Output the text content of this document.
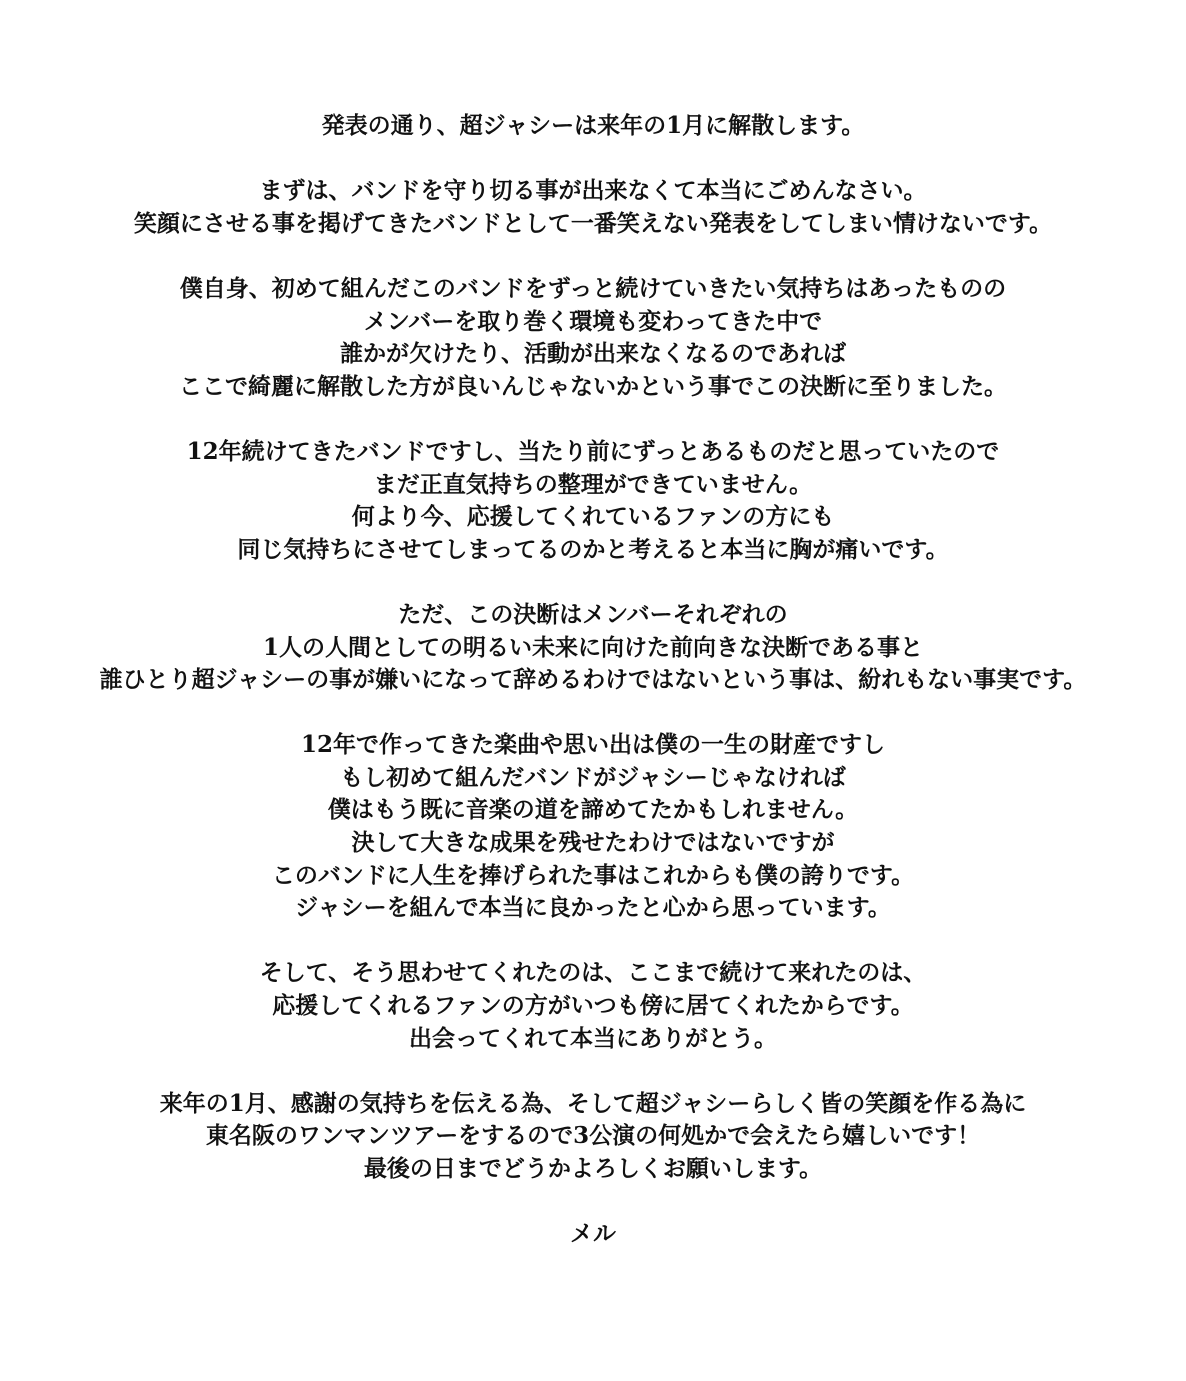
発表の通り、超ジャシーは来年の1月に解散します。

まずは、バンドを守り切る事が出来なくて本当にごめんなさい。
笑顔にさせる事を掲げてきたバンドとして一番笑えない発表をしてしまい情けないです。

僕自身、初めて組んだこのバンドをずっと続けていきたい気持ちはあったものの
メンバーを取り巻く環境も変わってきた中で
誰かが欠けたり、活動が出来なくなるのであれば
ここで綺麗に解散した方が良いんじゃないかという事でこの決断に至りました。

12年続けてきたバンドですし、当たり前にずっとあるものだと思っていたので
まだ正直気持ちの整理ができていません。
何より今、応援してくれているファンの方にも
同じ気持ちにさせてしまってるのかと考えると本当に胸が痛いです。

ただ、この決断はメンバーそれぞれの
1人の人間としての明るい未来に向けた前向きな決断である事と
誰ひとり超ジャシーの事が嫌いになって辞めるわけではないという事は、紛れもない事実です。

12年で作ってきた楽曲や思い出は僕の一生の財産ですし
もし初めて組んだバンドがジャシーじゃなければ
僕はもう既に音楽の道を諦めてたかもしれません。
決して大きな成果を残せたわけではないですが
このバンドに人生を捧げられた事はこれからも僕の誇りです。
ジャシーを組んで本当に良かったと心から思っています。

そして、そう思わせてくれたのは、ここまで続けて来れたのは、
応援してくれるファンの方がいつも傍に居てくれたからです。
出会ってくれて本当にありがとう。

来年の1月、感謝の気持ちを伝える為、そして超ジャシーらしく皆の笑顔を作る為に
東名阪のワンマンツアーをするので3公演の何処かで会えたら嬉しいです！
最後の日までどうかよろしくお願いします。

メル
